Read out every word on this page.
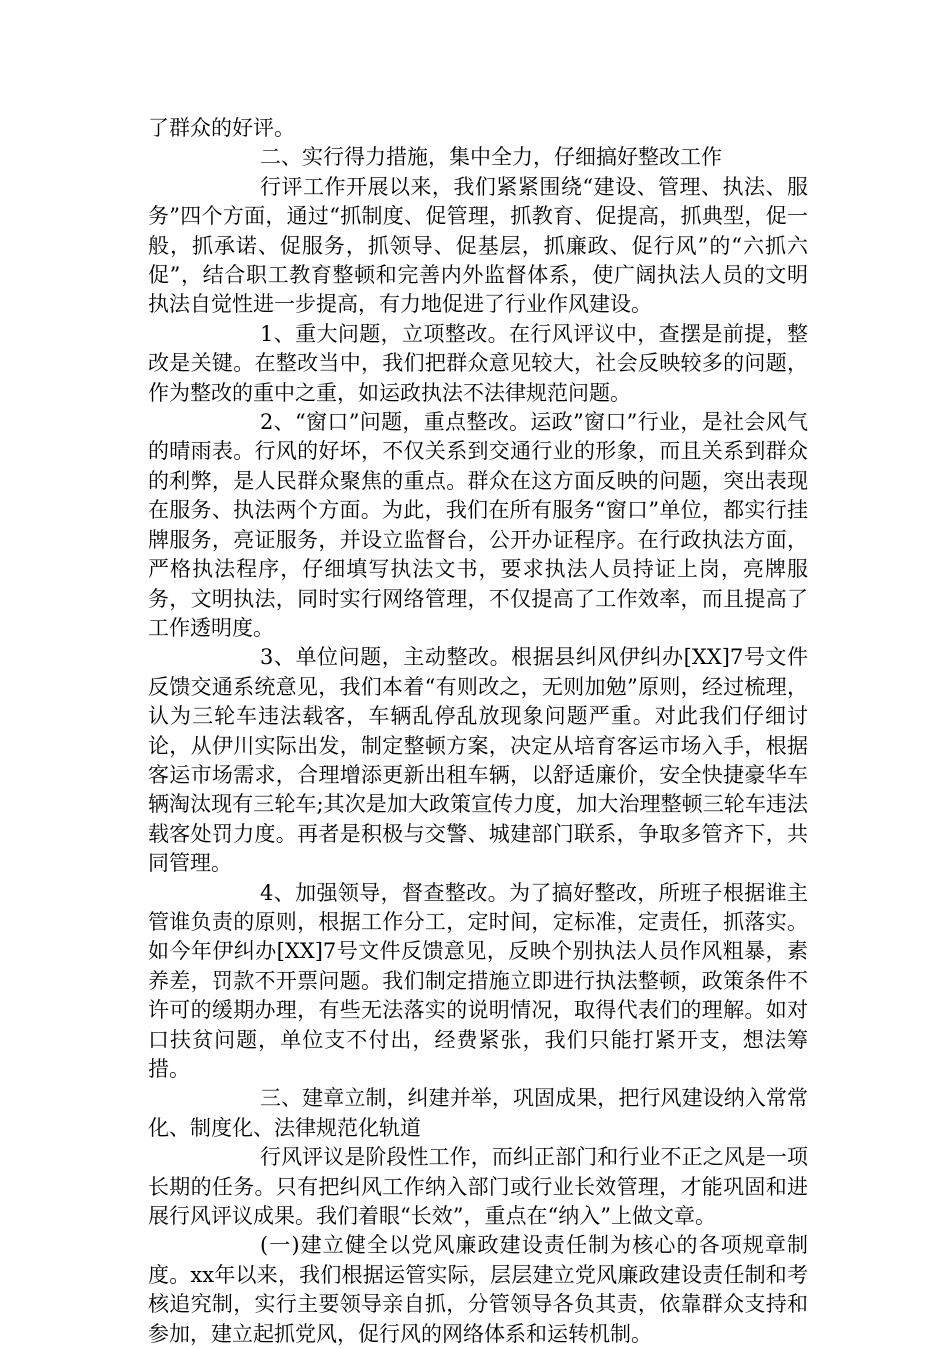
了群众的好评。

二、实行得力措施，集中全力，仔细搞好整改工作

行评工作开展以来，我们紧紧围绕“建设、管理、执法、服务”四个方面，通过“抓制度、促管理，抓教育、促提高，抓典型，促一般，抓承诺、促服务，抓领导、促基层，抓廉政、促行风”的“六抓六促”，结合职工教育整顿和完善内外监督体系，使广阔执法人员的文明执法自觉性进一步提高，有力地促进了行业作风建设。

1、重大问题，立项整改。在行风评议中，查摆是前提，整改是关键。在整改当中，我们把群众意见较大，社会反映较多的问题，作为整改的重中之重，如运政执法不法律规范问题。

2、“窗口”问题，重点整改。运政”窗口”行业，是社会风气的晴雨表。行风的好坏，不仅关系到交通行业的形象，而且关系到群众的利弊，是人民群众聚焦的重点。群众在这方面反映的问题，突出表现在服务、执法两个方面。为此，我们在所有服务“窗口”单位，都实行挂牌服务，亮证服务，并设立监督台，公开办证程序。在行政执法方面，严格执法程序，仔细填写执法文书，要求执法人员持证上岗，亮牌服务，文明执法，同时实行网络管理，不仅提高了工作效率，而且提高了工作透明度。

3、单位问题，主动整改。根据县纠风伊纠办[XX]7号文件反馈交通系统意见，我们本着“有则改之，无则加勉”原则，经过梳理，认为三轮车违法载客，车辆乱停乱放现象问题严重。对此我们仔细讨论，从伊川实际出发，制定整顿方案，决定从培育客运市场入手，根据客运市场需求，合理增添更新出租车辆，以舒适廉价，安全快捷豪华车辆淘汰现有三轮车;其次是加大政策宣传力度，加大治理整顿三轮车违法载客处罚力度。再者是积极与交警、城建部门联系，争取多管齐下，共同管理。

4、加强领导，督查整改。为了搞好整改，所班子根据谁主管谁负责的原则，根据工作分工，定时间，定标准，定责任，抓落实。如今年伊纠办[XX]7号文件反馈意见，反映个别执法人员作风粗暴，素养差，罚款不开票问题。我们制定措施立即进行执法整顿，政策条件不许可的缓期办理，有些无法落实的说明情况，取得代表们的理解。如对口扶贫问题，单位支不付出，经费紧张，我们只能打紧开支，想法筹措。

三、建章立制，纠建并举，巩固成果，把行风建设纳入常常化、制度化、法律规范化轨道

行风评议是阶段性工作，而纠正部门和行业不正之风是一项长期的任务。只有把纠风工作纳入部门或行业长效管理，才能巩固和进展行风评议成果。我们着眼“长效”，重点在“纳入”上做文章。

(一)建立健全以党风廉政建设责任制为核心的各项规章制度。xx年以来，我们根据运管实际，层层建立党风廉政建设责任制和考核追究制，实行主要领导亲自抓，分管领导各负其责，依靠群众支持和参加，建立起抓党风，促行风的网络体系和运转机制。
